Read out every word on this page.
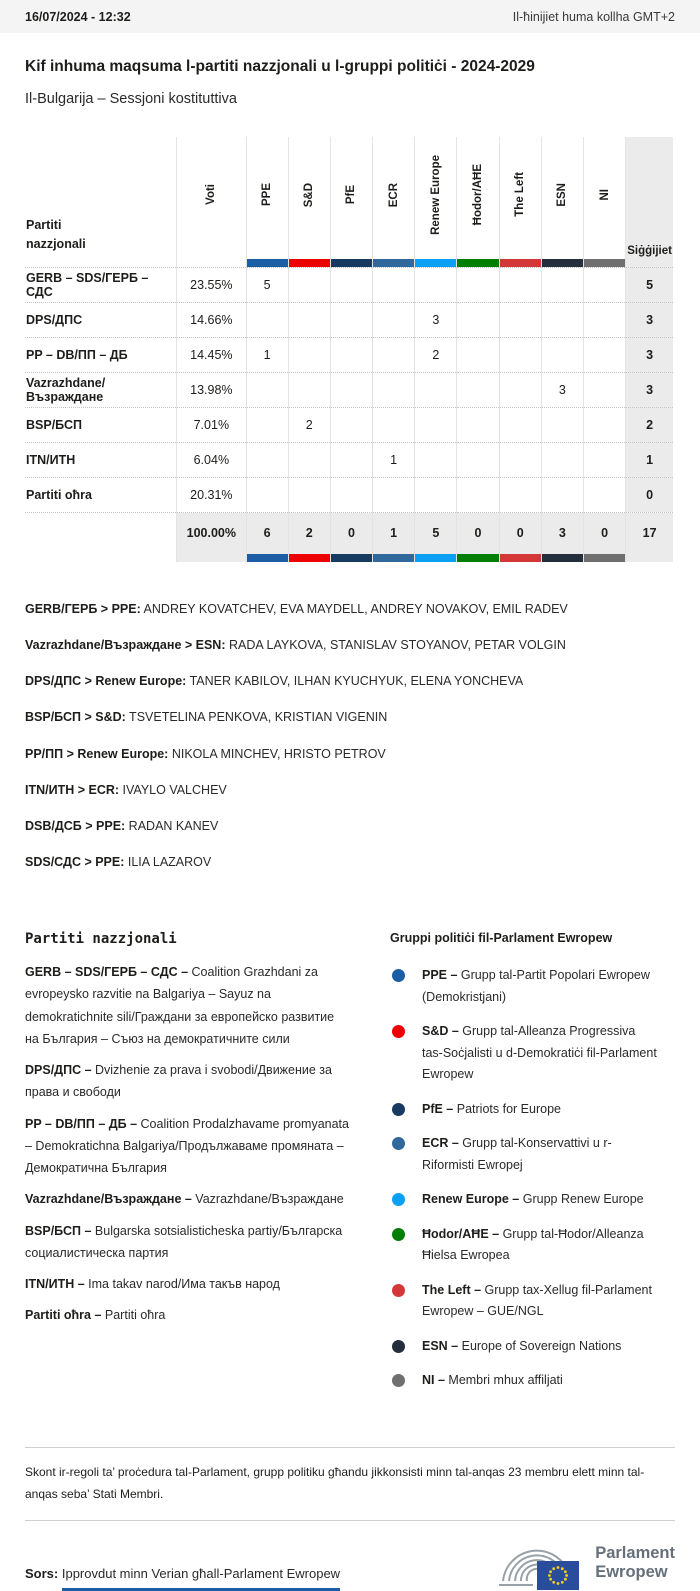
16/07/2024 - 12:32	Il-ħinijiet huma kollha GMT+2
Kif inhuma maqsuma l-partiti nazzjonali u l-gruppi politiċi - 2024-2029
Il-Bulgarija – Sessjoni kostituttiva
Partiti nazzjonali	Voti	PPE	S&D	PfE	ECR	Renew Europe	Ħodor/AĦE	The Left	ESN	NI	Siġġijiet

GERB – SDS/ГЕРБ – СДС	23.55%	5									5
DPS/ДПС	14.66%					3					3
PP – DB/ПП – ДБ	14.45%	1				2					3
Vazrazhdane/Възраждане	13.98%								3		3
BSP/БСП	7.01%		2								2
ITN/ИТН	6.04%				1						1
Partiti oħra	20.31%										0

	100.00%	6	2	0	1	5	0	0	3	0	17

GERB/ГЕРБ > PPE: ANDREY KOVATCHEV, EVA MAYDELL, ANDREY NOVAKOV, EMIL RADEV

Vazrazhdane/Възраждане > ESN: RADA LAYKOVA, STANISLAV STOYANOV, PETAR VOLGIN

DPS/ДПС > Renew Europe: TANER KABILOV, ILHAN KYUCHYUK, ELENA YONCHEVA

BSP/БСП > S&D: TSVETELINA PENKOVA, KRISTIAN VIGENIN

PP/ПП > Renew Europe: NIKOLA MINCHEV, HRISTO PETROV

ITN/ИТН > ECR: IVAYLO VALCHEV

DSB/ДСБ > PPE: RADAN KANEV

SDS/СДС > PPE: ILIA LAZAROV

Partiti nazzjonali

GERB – SDS/ГЕРБ – СДС – Coalition Grazhdani za evropeysko razvitie na Balgariya – Sayuz na demokratichnite sili/Граждани за европейско развитие на България – Съюз на демократичните сили

DPS/ДПС – Dvizhenie za prava i svobodi/Движение за права и свободи

PP – DB/ПП – ДБ – Coalition Prodalzhavame promyanata – Demokratichna Balgariya/Продължаваме промяната – Демократична България

Vazrazhdane/Възраждане – Vazrazhdane/Възраждане

BSP/БСП – Bulgarska sotsialisticheska partiy/Българска социалистическа партия

ITN/ИТН – Ima takav narod/Има такъв народ

Partiti oħra – Partiti oħra

Gruppi politiċi fil-Parlament Ewropew

PPE – Grupp tal-Partit Popolari Ewropew (Demokristjani)

S&D – Grupp tal-Alleanza Progressiva tas-Soċjalisti u d-Demokratiċi fil-Parlament Ewropew

PfE – Patriots for Europe

ECR – Grupp tal-Konservattivi u r-Riformisti Ewropej

Renew Europe – Grupp Renew Europe

Ħodor/AĦE – Grupp tal-Ħodor/Alleanza Ħielsa Ewropea

The Left – Grupp tax-Xellug fil-Parlament Ewropew – GUE/NGL

ESN – Europe of Sovereign Nations

NI – Membri mhux affiljati

Skont ir-regoli ta’ proċedura tal-Parlament, grupp politiku għandu jikkonsisti minn tal-anqas 23 membru elett minn tal-anqas seba’ Stati Membri.

Sors: Ipprovdut minn Verian għall-Parlament Ewropew

Parlament
Ewropew
